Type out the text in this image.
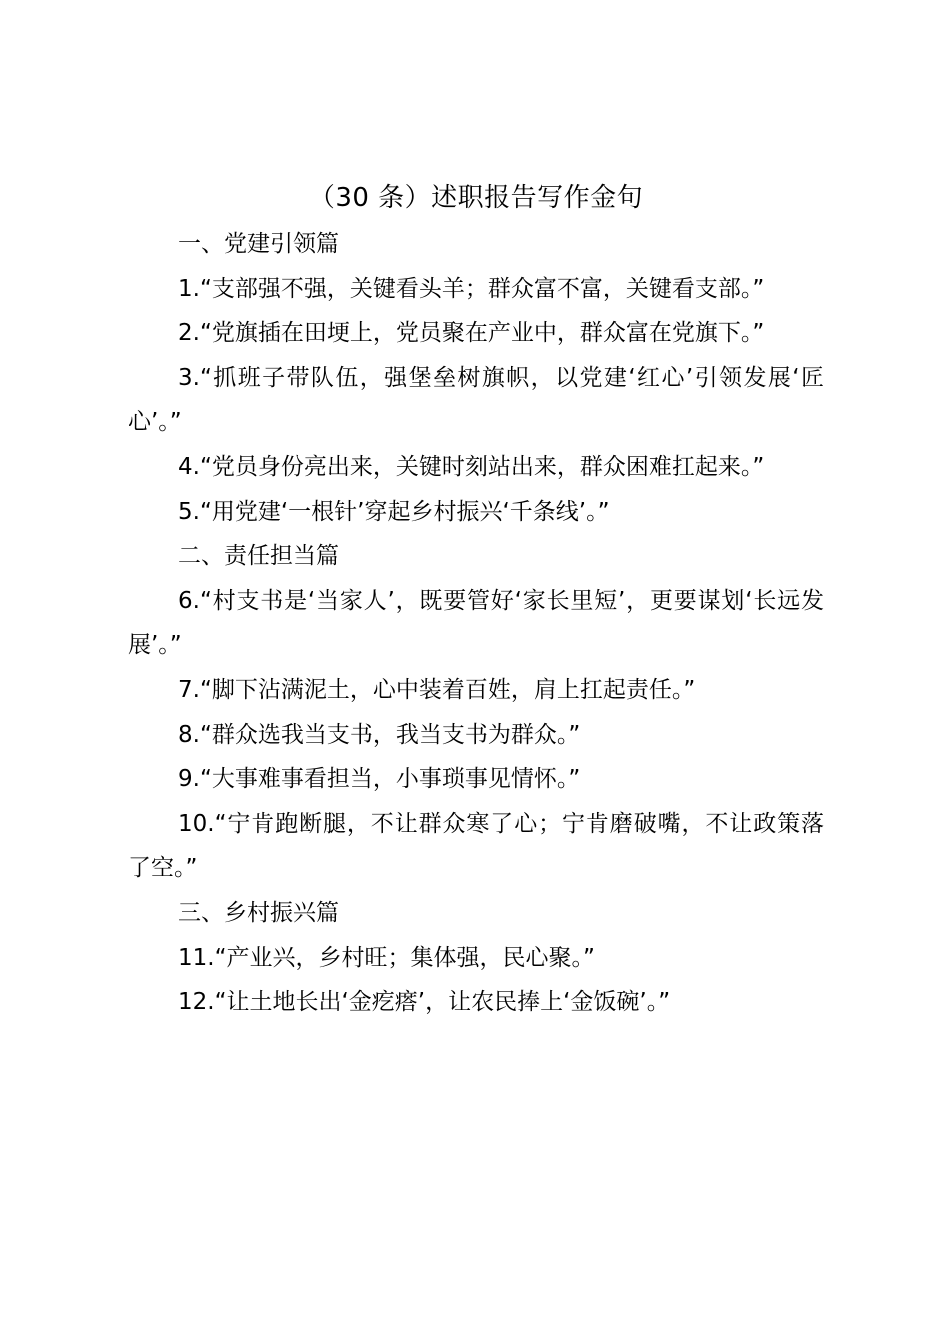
（30 条）述职报告写作金句

一、党建引领篇

1.“支部强不强，关键看头羊；群众富不富，关键看支部。”

2.“党旗插在田埂上，党员聚在产业中，群众富在党旗下。”

3.“抓班子带队伍，强堡垒树旗帜，以党建‘红心’引领发展‘匠心’。”

4.“党员身份亮出来，关键时刻站出来，群众困难扛起来。”

5.“用党建‘一根针’穿起乡村振兴‘千条线’。”

二、责任担当篇

6.“村支书是‘当家人’，既要管好‘家长里短’，更要谋划‘长远发展’。”

7.“脚下沾满泥土，心中装着百姓，肩上扛起责任。”

8.“群众选我当支书，我当支书为群众。”

9.“大事难事看担当，小事琐事见情怀。”

10.“宁肯跑断腿，不让群众寒了心；宁肯磨破嘴，不让政策落了空。”

三、乡村振兴篇

11.“产业兴，乡村旺；集体强，民心聚。”

12.“让土地长出‘金疙瘩’，让农民捧上‘金饭碗’。”
